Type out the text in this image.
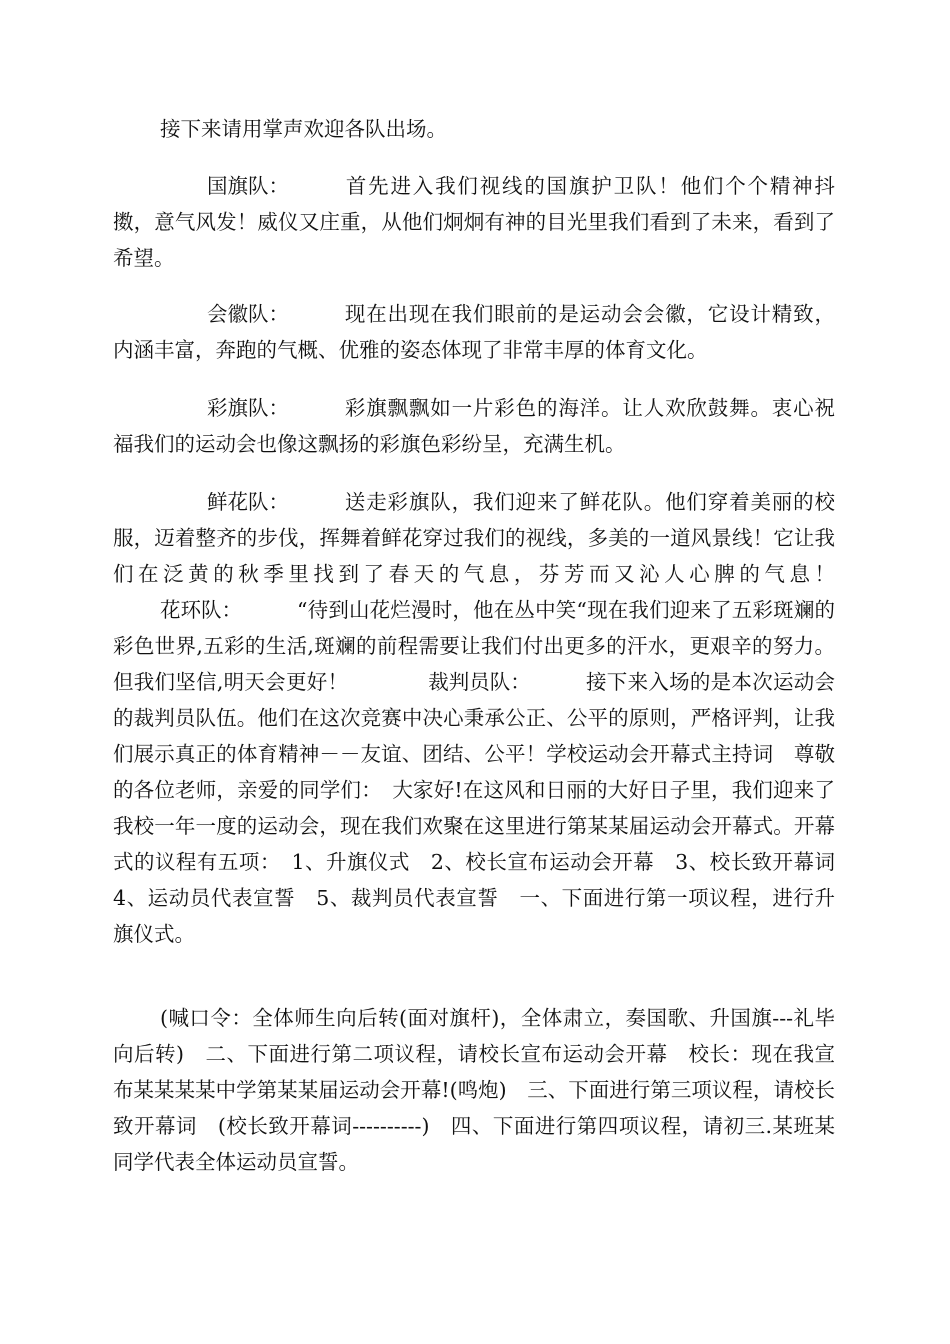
接下来请用掌声欢迎各队出场。

国旗队：	首先进入我们视线的国旗护卫队！他们个个精神抖擞，意气风发！威仪又庄重，从他们炯炯有神的目光里我们看到了未来，看到了希望。

会徽队：	现在出现在我们眼前的是运动会会徽，它设计精致，内涵丰富，奔跑的气概、优雅的姿态体现了非常丰厚的体育文化。

彩旗队：	彩旗飘飘如一片彩色的海洋。让人欢欣鼓舞。衷心祝福我们的运动会也像这飘扬的彩旗色彩纷呈，充满生机。

鲜花队：	送走彩旗队，我们迎来了鲜花队。他们穿着美丽的校服，迈着整齐的步伐，挥舞着鲜花穿过我们的视线，多美的一道风景线！它让我们在泛黄的秋季里找到了春天的气息，芬芳而又沁人心脾的气息！花环队：	“待到山花烂漫时，他在丛中笑“现在我们迎来了五彩斑斓的彩色世界,五彩的生活,斑斓的前程需要让我们付出更多的汗水，更艰辛的努力。但我们坚信,明天会更好！	裁判员队：	接下来入场的是本次运动会的裁判员队伍。他们在这次竞赛中决心秉承公正、公平的原则，严格评判，让我们展示真正的体育精神－－友谊、团结、公平！学校运动会开幕式主持词　尊敬的各位老师，亲爱的同学们：　大家好!在这风和日丽的大好日子里，我们迎来了我校一年一度的运动会，现在我们欢聚在这里进行第某某届运动会开幕式。开幕式的议程有五项：　1、升旗仪式　2、校长宣布运动会开幕　3、校长致开幕词　4、运动员代表宣誓　5、裁判员代表宣誓　一、下面进行第一项议程，进行升旗仪式。

(喊口令：全体师生向后转(面对旗杆)，全体肃立，奏国歌、升国旗---礼毕向后转)　二、下面进行第二项议程，请校长宣布运动会开幕　校长：现在我宣布某某某某中学第某某届运动会开幕!(鸣炮)　三、下面进行第三项议程，请校长致开幕词　(校长致开幕词----------)　四、下面进行第四项议程，请初三.某班某同学代表全体运动员宣誓。
